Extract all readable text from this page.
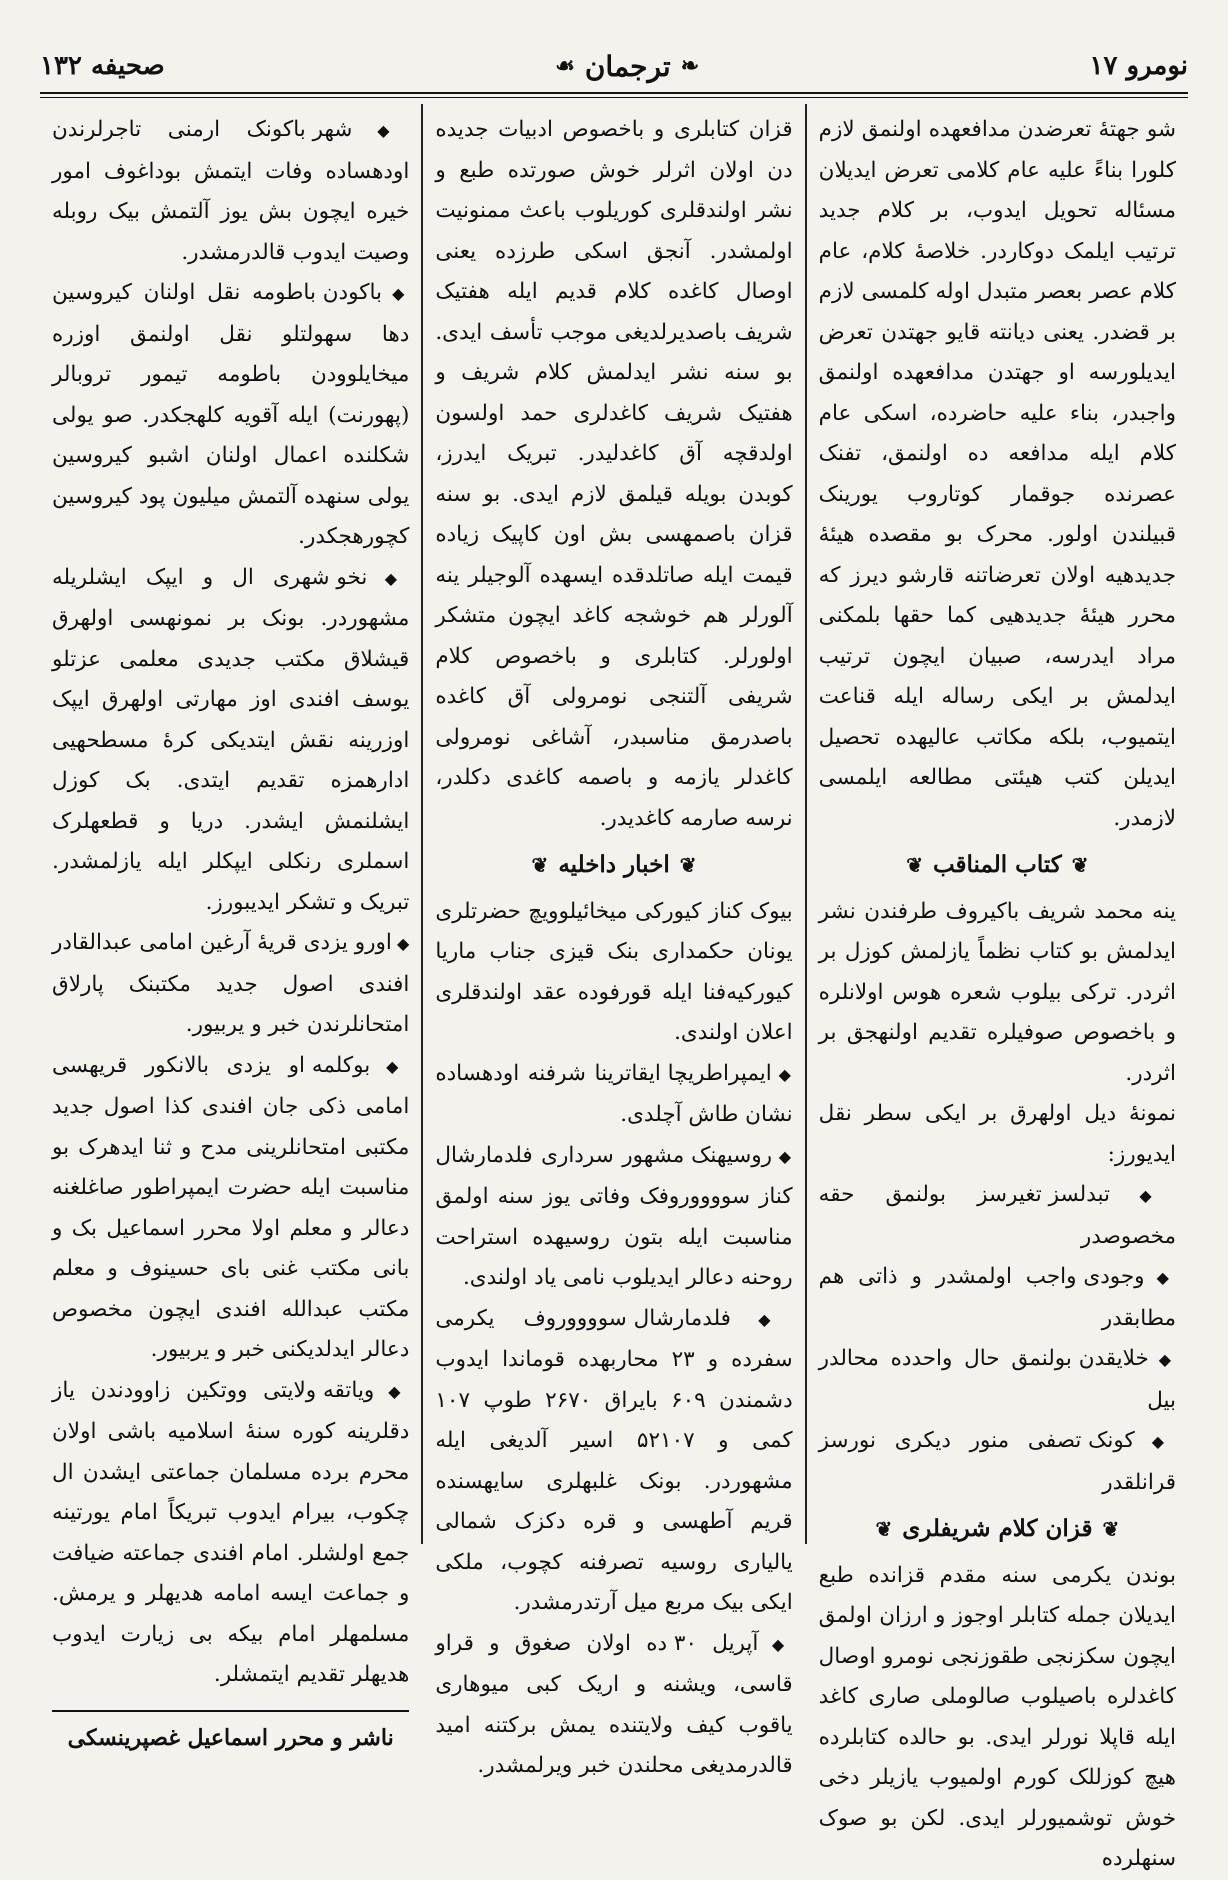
نومرو ۱۷
❧
ترجمان
☙
صحیفه ۱۳۲

شو جهتهٔ تعرضدن مدافعهده اولنمق لازم کلورا بناءً علیه عام کلامی تعرض ایدیلان مسئاله تحویل ایدوب، بر کلام جدید ترتیب ایلمک دوکاردر. خلاصهٔ کلام، عام کلام عصر بعصر متبدل اوله کلمسی لازم بر قضدر. یعنی دیانته قایو جهتدن تعرض ایدیلورسه او جهتدن مدافعهده اولنمق واجبدر، بناء علیه حاضرده، اسکی عام کلام ایله مدافعه ده اولنمق، تفنک عصرنده جوقمار کوتاروب یورینک قبیلندن اولور. محرک بو مقصده هیئهٔ جدیدهیه اولان تعرضاتنه قارشو دیرز که محرر هیئهٔ جدیدهیی کما حقها بلمکنی مراد ایدرسه، صبیان ایچون ترتیب ایدلمش بر ایکی رساله ایله قناعت ایتمیوب، بلکه مکاتب عالیهده تحصیل ایدیلن کتب هیئتی مطالعه ایلمسی لازمدر.

❦
کتاب المناقب
❦

ینه محمد شریف باکیروف طرفندن نشر ایدلمش بو کتاب نظماً یازلمش کوزل بر اثردر. ترکی بیلوب شعره هوس اولانلره و باخصوص صوفیلره تقدیم اولنهجق بر اثردر.

نمونهٔ دیل اولهرق بر ایکی سطر نقل ایدیورز:

◆ تبدلسز تغیرسز بولنمق حقه مخصوصدر

◆ وجودی واجب اولمشدر و ذاتی هم مطابقدر

◆ خلایقدن بولنمق حال واحدده محالدر بیل

◆ کونک تصفی منور دیکری نورسز قرانلقدر

❦
قزان کلام شریفلری
❦

بوندن یکرمی سنه مقدم قزانده طبع ایدیلان جمله کتابلر اوجوز و ارزان اولمق ایچون سکزنجی طقوزنجی نومرو اوصال کاغدلره باصیلوب صالوملی صاری کاغد ایله قاپلا نورلر ایدی. بو حالده کتابلرده هیچ کوزللک کورم اولمیوب یازیلر دخی خوش توشمیورلر ایدی. لکن بو صوک سنهلرده

قزان کتابلری و باخصوص ادبیات جدیده دن اولان اثرلر خوش صورتده طبع و نشر اولندقلری کوریلوب باعث ممنونیت اولمشدر. آنجق اسکی طرزده یعنی اوصال کاغده کلام قدیم ایله هفتیک شریف باصدیرلدیغی موجب تأسف ایدی. بو سنه نشر ایدلمش کلام شریف و هفتیک شریف کاغدلری حمد اولسون اولدقچه آق کاغدلیدر. تبریک ایدرز، کوبدن بویله قیلمق لازم ایدی. بو سنه قزان باصمهسی بش اون کاپیک زیاده قیمت ایله صاتلدقده ایسهده آلوجیلر ینه آلورلر هم خوشجه کاغد ایچون متشکر اولورلر. کتابلری و باخصوص کلام شریفی آلتنجی نومرولی آق کاغده باصدرمق مناسبدر، آشاغی نومرولی کاغدلر یازمه و باصمه کاغدی دکلدر، نرسه صارمه کاغدیدر.

❦
اخبار داخلیه
❦

بیوک کناز کیورکی میخائیلوویچ حضرتلری یونان حکمداری بنک قیزی جناب ماریا کیورکیه‌فنا ایله قورفوده عقد اولندقلری اعلان اولندی.

◆ ایمپراطریچا ایقاترینا شرفنه اودهساده نشان طاش آچلدی.

◆ روسیهنک مشهور سرداری فلدمارشال کناز سووووروفک وفاتی یوز سنه اولمق مناسبت ایله بتون روسیهده استراحت روحنه دعالر ایدیلوب نامی یاد اولندی.

◆ فلدمارشال سووووروف یکرمی سفرده و ۲۳ محاربهده قوماندا ایدوب دشمندن ۶۰۹ بایراق ۲۶۷۰ طوپ ۱۰۷ کمی و ۵۲۱۰۷ اسیر آلدیغی ایله مشهوردر. بونک غلبهلری سایهسنده قریم آطهسی و قره دکزک شمالی یالیاری روسیه تصرفنه کچوب، ملکی ایکی بیک مربع میل آرتدرمشدر.

◆ آپریل ۳۰ ده اولان صغوق و قراو قاسی، ویشنه و اریک کبی میوهاری یاقوب کیف ولایتنده یمش برکتنه امید قالدرمدیغی محلندن خبر ویرلمشدر.

◆ شهر باکونک ارمنی تاجرلرندن اودهساده وفات ایتمش بوداغوف امور خیره ایچون بش یوز آلتمش بیک روبله وصیت ایدوب قالدرمشدر.

◆ باکودن باطومه نقل اولنان کیروسین دها سهولتلو نقل اولنمق اوزره میخایلوودن باطومه تیمور تروبالر (پهورنت) ایله آقویه کلهجکدر. صو یولی شکلنده اعمال اولنان اشبو کیروسین یولی سنهده آلتمش میلیون پود کیروسین کچورهجکدر.

◆ نخو شهری ال و ایپک ایشلریله مشهوردر. بونک بر نمونهسی اولهرق قیشلاق مکتب جدیدی معلمی عزتلو یوسف افندی اوز مهارتی اولهرق ایپک اوزرینه نقش ایتدیکی کرهٔ مسطحهیی ادارهمزه تقدیم ایتدی. بک کوزل ایشلنمش ایشدر. دریا و قطعهلرک اسملری رنکلی ایپکلر ایله یازلمشدر. تبریک و تشکر ایدیبورز.

◆ اورو یزدی قریهٔ آرغین امامی عبدالقادر افندی اصول جدید مکتبنک پارلاق امتحانلرندن خبر و یربیور.

◆ بوکلمه او یزدی بالانکور قریهسی امامی ذکی جان افندی کذا اصول جدید مکتبی امتحانلرینی مدح و ثنا ایدهرک بو مناسبت ایله حضرت ایمپراطور صاغلغنه دعالر و معلم اولا محرر اسماعیل بک و بانی مکتب غنی بای حسینوف و معلم مکتب عبدالله افندی ایچون مخصوص دعالر ایدلدیکنی خبر و یربیور.

◆ ویاتقه ولایتی ووتکین زاوودندن یاز دقلرینه کوره سنهٔ اسلامیه باشی اولان محرم برده مسلمان جماعتی ایشدن ال چکوب، بیرام ایدوب تبریکاً امام یورتینه جمع اولشلر. امام افندی جماعته ضیافت و جماعت ایسه امامه هدیهلر و یرمش. مسلمهلر امام بیکه بی زیارت ایدوب هدیهلر تقدیم ایتمشلر.

ناشر و محرر اسماعیل غصپرینسکی
